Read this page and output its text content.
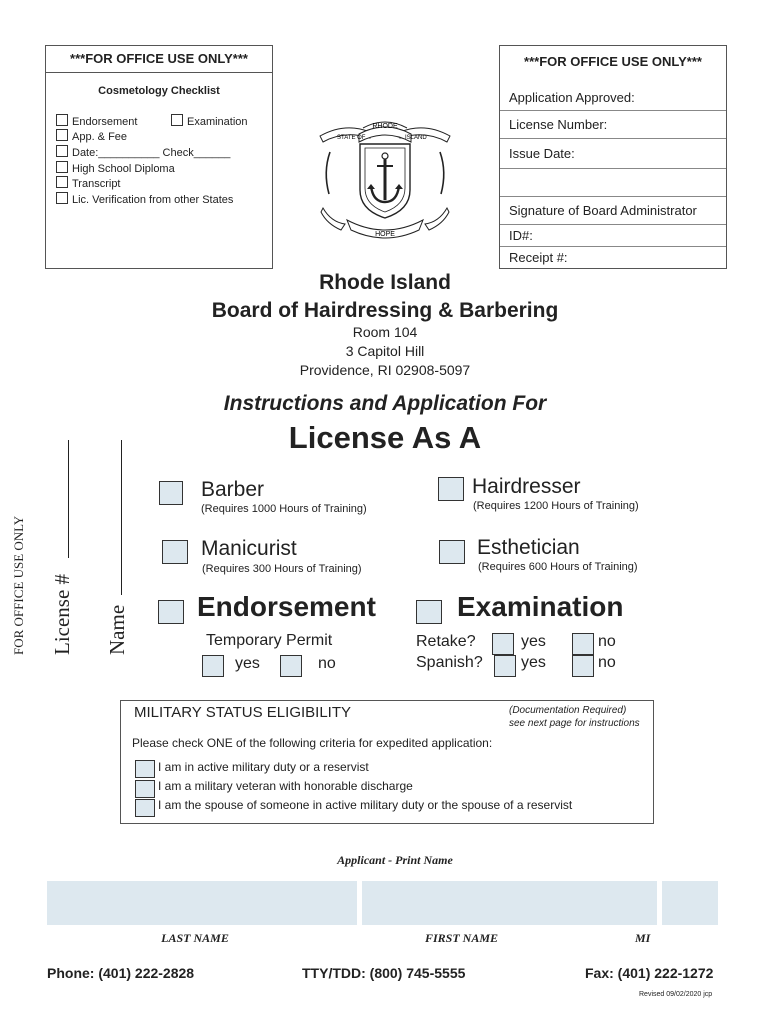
***FOR OFFICE USE ONLY***
Cosmetology Checklist
Endorsement	Examination
App. & Fee
Date:__________ Check______
High School Diploma
Transcript
Lic. Verification from other States
RHODE
STATE OF	ISLAND
HOPE
***FOR OFFICE USE ONLY***
Application Approved:
License Number:
Issue Date:
Signature of Board Administrator
ID#:
Receipt #:
Rhode Island
Board of Hairdressing & Barbering
Room 104
3 Capitol Hill
Providence, RI 02908-5097
Instructions and Application For
License As A
FOR OFFICE USE ONLY License # Name
Barber
(Requires 1000 Hours of Training)
Hairdresser
(Requires 1200 Hours of Training)
Manicurist
(Requires 300 Hours of Training)
Esthetician
(Requires 600 Hours of Training)
Endorsement	Examination
Temporary Permit
yes	no
Retake?	yes	no
Spanish? yes	no
MILITARY STATUS ELIGIBILITY	(Documentation Required)
see next page for instructions
Please check ONE of the following criteria for expedited application:
I am in active military duty or a reservist
I am a military veteran with honorable discharge
I am the spouse of someone in active military duty or the spouse of a reservist
Applicant - Print Name
LAST NAME	FIRST NAME	MI
Phone: (401) 222-2828	TTY/TDD: (800) 745-5555	Fax: (401) 222-1272
Revised 09/02/2020 jcp
